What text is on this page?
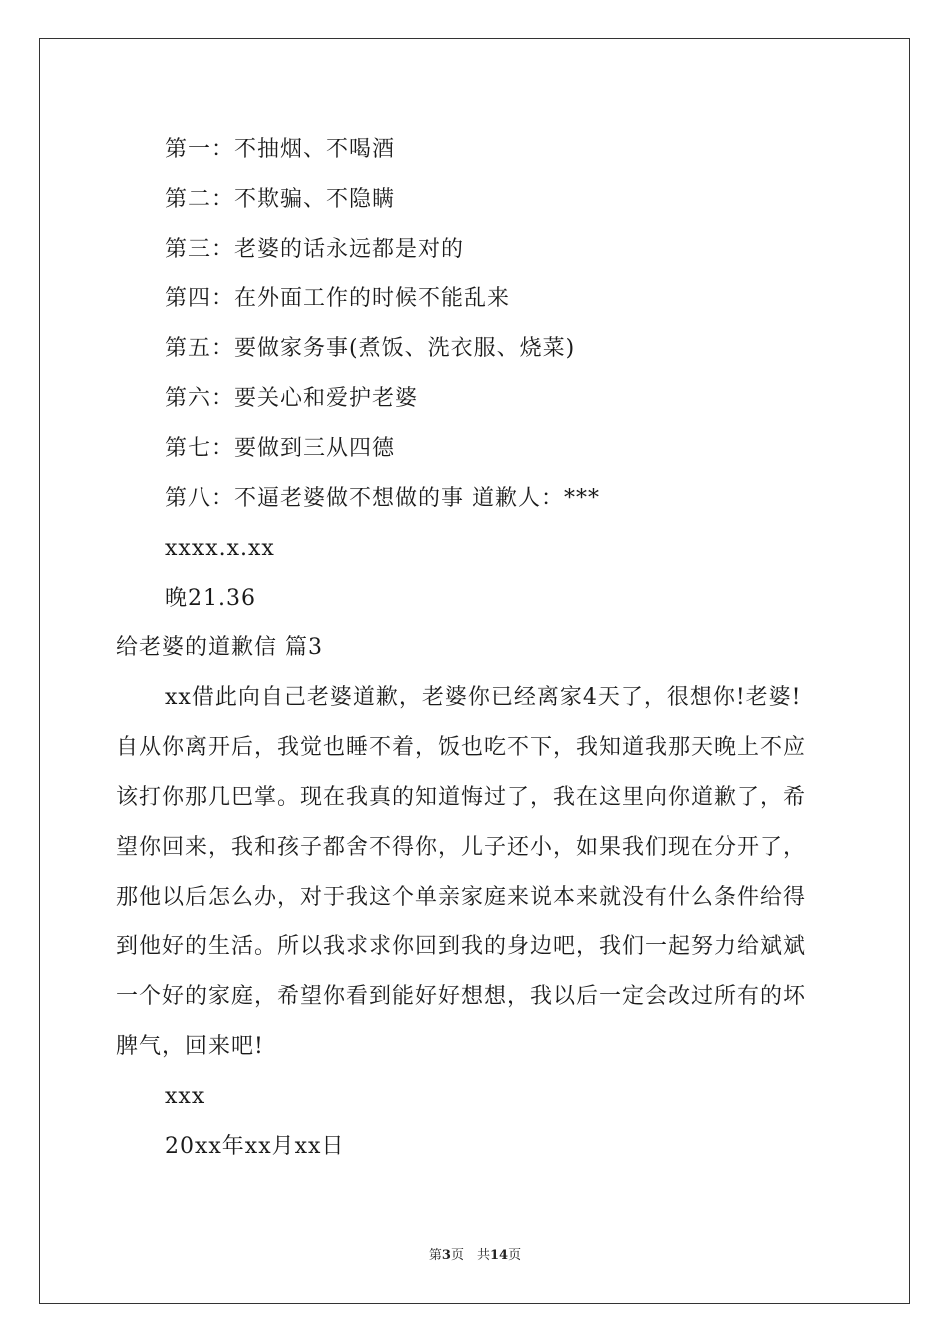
第一：不抽烟、不喝酒
第二：不欺骗、不隐瞒
第三：老婆的话永远都是对的
第四：在外面工作的时候不能乱来
第五：要做家务事(煮饭、洗衣服、烧菜)
第六：要关心和爱护老婆
第七：要做到三从四德
第八：不逼老婆做不想做的事 道歉人：***
xxxx.x.xx
晚21.36
给老婆的道歉信 篇3
xx借此向自己老婆道歉，老婆你已经离家4天了，很想你!老婆!
自从你离开后，我觉也睡不着，饭也吃不下，我知道我那天晚上不应
该打你那几巴掌。现在我真的知道悔过了，我在这里向你道歉了，希
望你回来，我和孩子都舍不得你，儿子还小，如果我们现在分开了，
那他以后怎么办，对于我这个单亲家庭来说本来就没有什么条件给得
到他好的生活。所以我求求你回到我的身边吧，我们一起努力给斌斌
一个好的家庭，希望你看到能好好想想，我以后一定会改过所有的坏
脾气，回来吧!
xxx
20xx年xx月xx日
第3页　共14页
